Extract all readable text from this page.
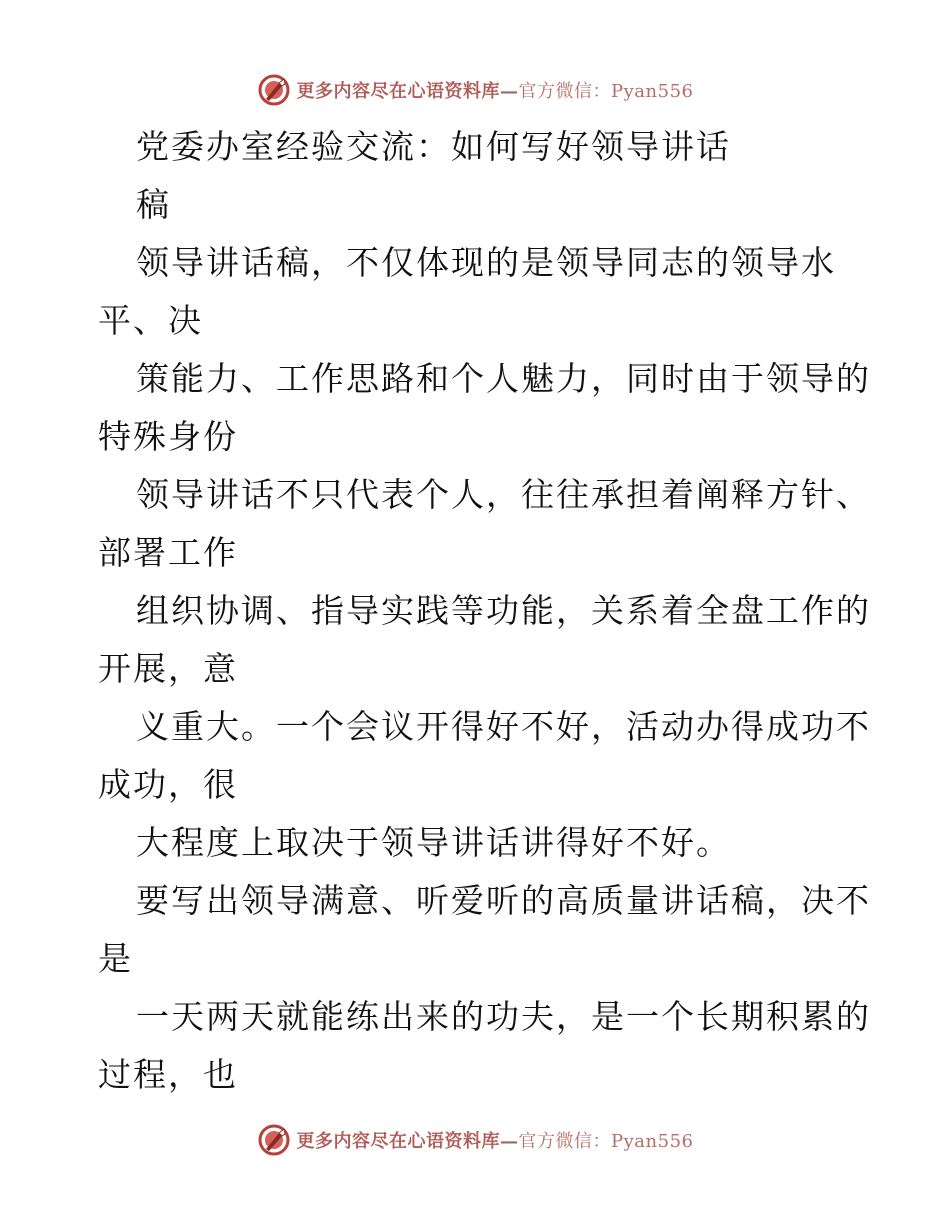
更多内容尽在心语资料库—官方微信：Pyan556
党委办室经验交流：如何写好领导讲话
稿
领导讲话稿，不仅体现的是领导同志的领导水
平、决
策能力、工作思路和个人魅力，同时由于领导的
特殊身份
领导讲话不只代表个人，往往承担着阐释方针、
部署工作
组织协调、指导实践等功能，关系着全盘工作的
开展，意
义重大。一个会议开得好不好，活动办得成功不
成功，很
大程度上取决于领导讲话讲得好不好。
要写出领导满意、听爱听的高质量讲话稿，决不
是
一天两天就能练出来的功夫，是一个长期积累的
过程，也
更多内容尽在心语资料库—官方微信：Pyan556
